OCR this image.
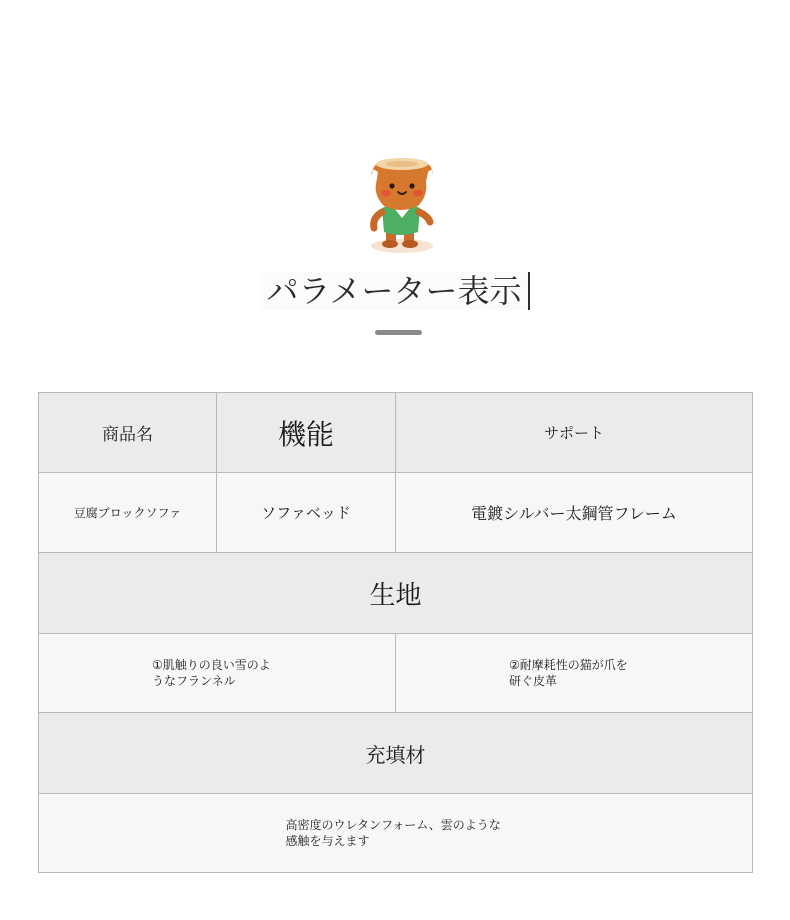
パラメーター表示
商品名	機能	サポート
豆腐ブロックソファ	ソファベッド	電鍍シルバー太鋼管フレーム
生地		
①肌触りの良い雪のようなフランネル		②耐摩耗性の猫が爪を研ぐ皮革
充填材		
高密度のウレタンフォーム、雲のような感触を与えます		
